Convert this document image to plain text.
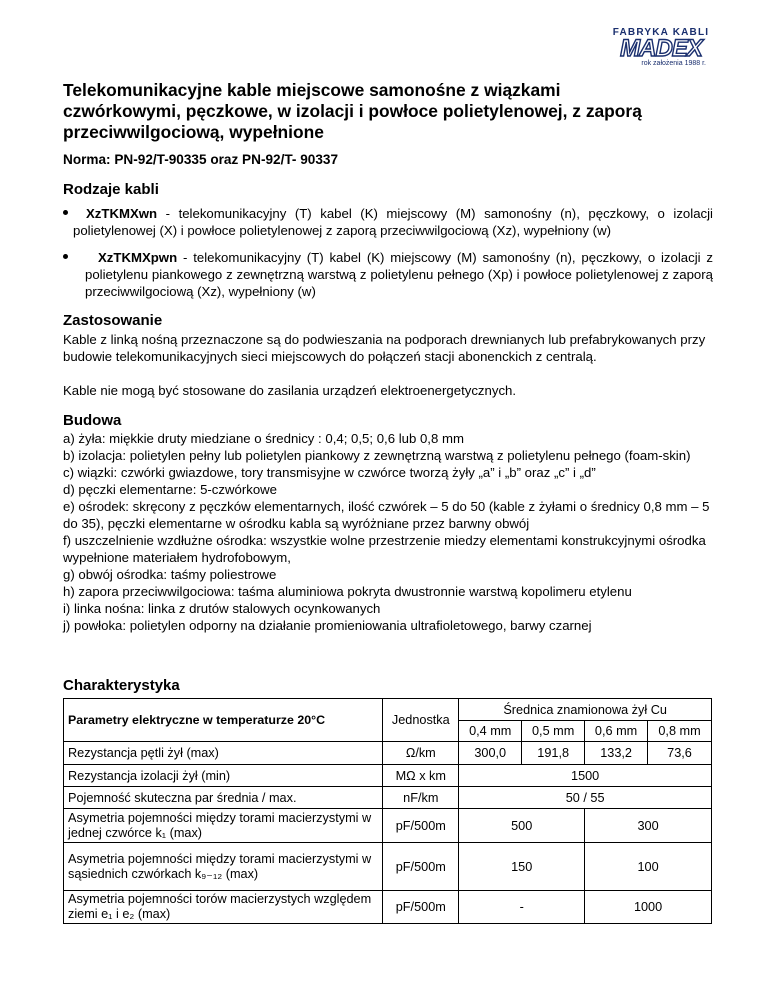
FABRYKA KABLI
MADEX
rok założenia 1988 r.

Telekomunikacyjne kable miejscowe samonośne z wiązkami czwórkowymi, pęczkowe, w izolacji i powłoce polietylenowej, z zaporą przeciwwilgociową, wypełnione

Norma: PN-92/T-90335 oraz PN-92/T- 90337

Rodzaje kabli
XzTKMXwn - telekomunikacyjny (T) kabel (K) miejscowy (M) samonośny (n), pęczkowy, o izolacji polietylenowej (X) i powłoce polietylenowej z zaporą przeciwwilgociową (Xz), wypełniony (w)
XzTKMXpwn - telekomunikacyjny (T) kabel (K) miejscowy (M) samonośny (n), pęczkowy, o izolacji z polietylenu piankowego z zewnętrzną warstwą z polietylenu pełnego (Xp) i powłoce polietylenowej z zaporą przeciwwilgociową (Xz), wypełniony (w)
Zastosowanie

Kable z linką nośną przeznaczone są do podwieszania na podporach drewnianych lub prefabrykowanych przy budowie telekomunikacyjnych sieci miejscowych do połączeń stacji abonenckich z centralą.

Kable nie mogą być stosowane do zasilania urządzeń elektroenergetycznych.

Budowa
a) żyła: miękkie druty miedziane o średnicy : 0,4; 0,5; 0,6 lub 0,8 mm
b) izolacja: polietylen pełny lub polietylen piankowy z zewnętrzną warstwą z polietylenu pełnego (foam-skin)
c) wiązki: czwórki gwiazdowe, tory transmisyjne w czwórce tworzą żyły „a” i „b” oraz „c” i „d”
d) pęczki elementarne: 5-czwórkowe
e) ośrodek: skręcony z pęczków elementarnych, ilość czwórek – 5 do 50 (kable z żyłami o średnicy 0,8 mm – 5 do 35), pęczki elementarne w ośrodku kabla są wyróżniane przez barwny obwój
f) uszczelnienie wzdłużne ośrodka: wszystkie wolne przestrzenie miedzy elementami konstrukcyjnymi ośrodka wypełnione materiałem hydrofobowym,
g) obwój ośrodka: taśmy poliestrowe
h) zapora przeciwwilgociowa: taśma aluminiowa pokryta dwustronnie warstwą kopolimeru etylenu
i) linka nośna: linka z drutów stalowych ocynkowanych
j) powłoka: polietylen odporny na działanie promieniowania ultrafioletowego, barwy czarnej
Charakterystyka
Parametry elektryczne w temperaturze 20°C	Jednostka	Średnica znamionowa żył Cu			
		0,4 mm	0,5 mm	0,6 mm	0,8 mm
Rezystancja pętli żył (max)	Ω/km	300,0	191,8	133,2	73,6
Rezystancja izolacji żył (min)	MΩ x km	1500			
Pojemność skuteczna par średnia / max.	nF/km	50 / 55			
Asymetria pojemności między torami macierzystymi w jednej czwórce k₁ (max)	pF/500m	500		300	
Asymetria pojemności między torami macierzystymi w sąsiednich czwórkach k₉₋₁₂ (max)	pF/500m	150		100	
Asymetria pojemności torów macierzystych względem ziemi e₁ i e₂ (max)	pF/500m	-		1000	
